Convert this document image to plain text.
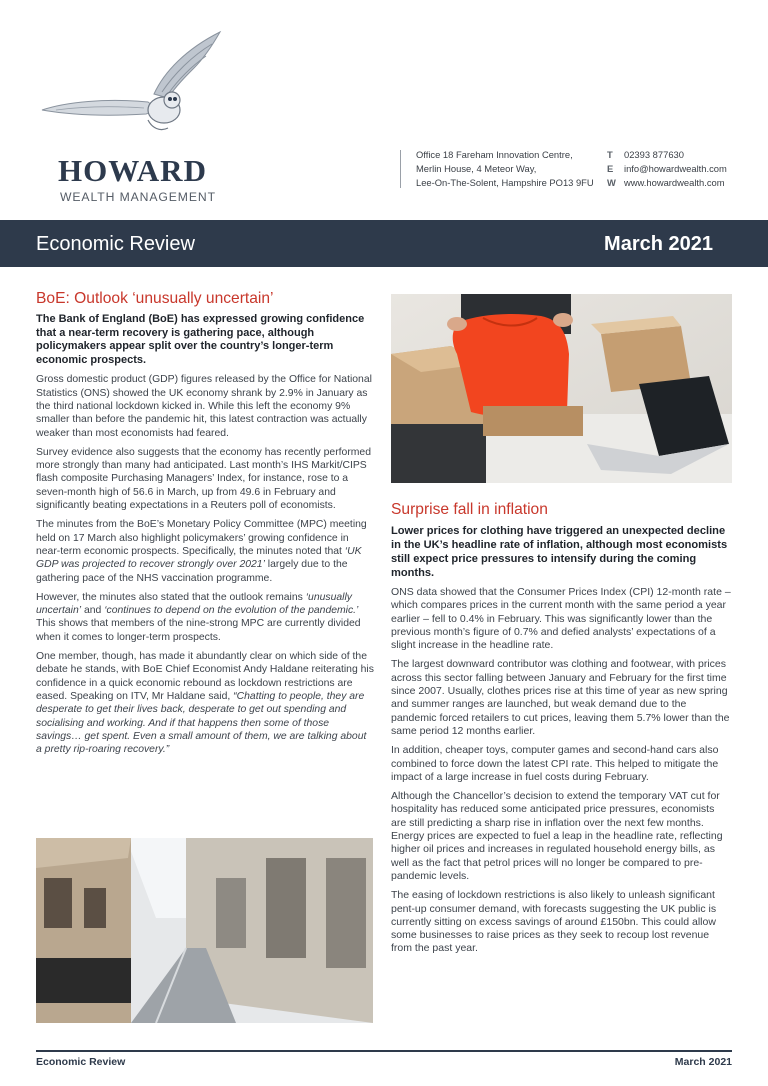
HOWARD
WEALTH MANAGEMENT
Office 18 Fareham Innovation Centre,
Merlin House, 4 Meteor Way,
Lee-On-The-Solent, Hampshire PO13 9FU
T 02393 877630
E info@howardwealth.com
W www.howardwealth.com
Economic Review	March 2021
BoE: Outlook ‘unusually uncertain’

The Bank of England (BoE) has expressed growing confidence that a near-term recovery is gathering pace, although policymakers appear split over the country’s longer-term economic prospects.

Gross domestic product (GDP) figures released by the Office for National Statistics (ONS) showed the UK economy shrank by 2.9% in January as the third national lockdown kicked in. While this left the economy 9% smaller than before the pandemic hit, this latest contraction was actually weaker than most economists had feared.

Survey evidence also suggests that the economy has recently performed more strongly than many had anticipated. Last month’s IHS Markit/CIPS flash composite Purchasing Managers’ Index, for instance, rose to a seven-month high of 56.6 in March, up from 49.6 in February and significantly beating expectations in a Reuters poll of economists.

The minutes from the BoE’s Monetary Policy Committee (MPC) meeting held on 17 March also highlight policymakers’ growing confidence in near-term economic prospects. Specifically, the minutes noted that ‘UK GDP was projected to recover strongly over 2021’ largely due to the gathering pace of the NHS vaccination programme.

However, the minutes also stated that the outlook remains ‘unusually uncertain’ and ‘continues to depend on the evolution of the pandemic.’ This shows that members of the nine-strong MPC are currently divided when it comes to longer-term prospects.

One member, though, has made it abundantly clear on which side of the debate he stands, with BoE Chief Economist Andy Haldane reiterating his confidence in a quick economic rebound as lockdown restrictions are eased. Speaking on ITV, Mr Haldane said, “Chatting to people, they are desperate to get their lives back, desperate to get out spending and socialising and working. And if that happens then some of those savings… get spent. Even a small amount of them, we are talking about a pretty rip-roaring recovery.”

Surprise fall in inflation

Lower prices for clothing have triggered an unexpected decline in the UK’s headline rate of inflation, although most economists still expect price pressures to intensify during the coming months.

ONS data showed that the Consumer Prices Index (CPI) 12-month rate – which compares prices in the current month with the same period a year earlier – fell to 0.4% in February. This was significantly lower than the previous month’s figure of 0.7% and defied analysts’ expectations of a slight increase in the headline rate.

The largest downward contributor was clothing and footwear, with prices across this sector falling between January and February for the first time since 2007. Usually, clothes prices rise at this time of year as new spring and summer ranges are launched, but weak demand due to the pandemic forced retailers to cut prices, leaving them 5.7% lower than the same period 12 months earlier.

In addition, cheaper toys, computer games and second-hand cars also combined to force down the latest CPI rate. This helped to mitigate the impact of a large increase in fuel costs during February.

Although the Chancellor’s decision to extend the temporary VAT cut for hospitality has reduced some anticipated price pressures, economists are still predicting a sharp rise in inflation over the next few months. Energy prices are expected to fuel a leap in the headline rate, reflecting higher oil prices and increases in regulated household energy bills, as well as the fact that petrol prices will no longer be compared to pre-pandemic levels.

The easing of lockdown restrictions is also likely to unleash significant pent-up consumer demand, with forecasts suggesting the UK public is currently sitting on excess savings of around £150bn. This could allow some businesses to raise prices as they seek to recoup lost revenue from the past year.

Economic Review	March 2021
